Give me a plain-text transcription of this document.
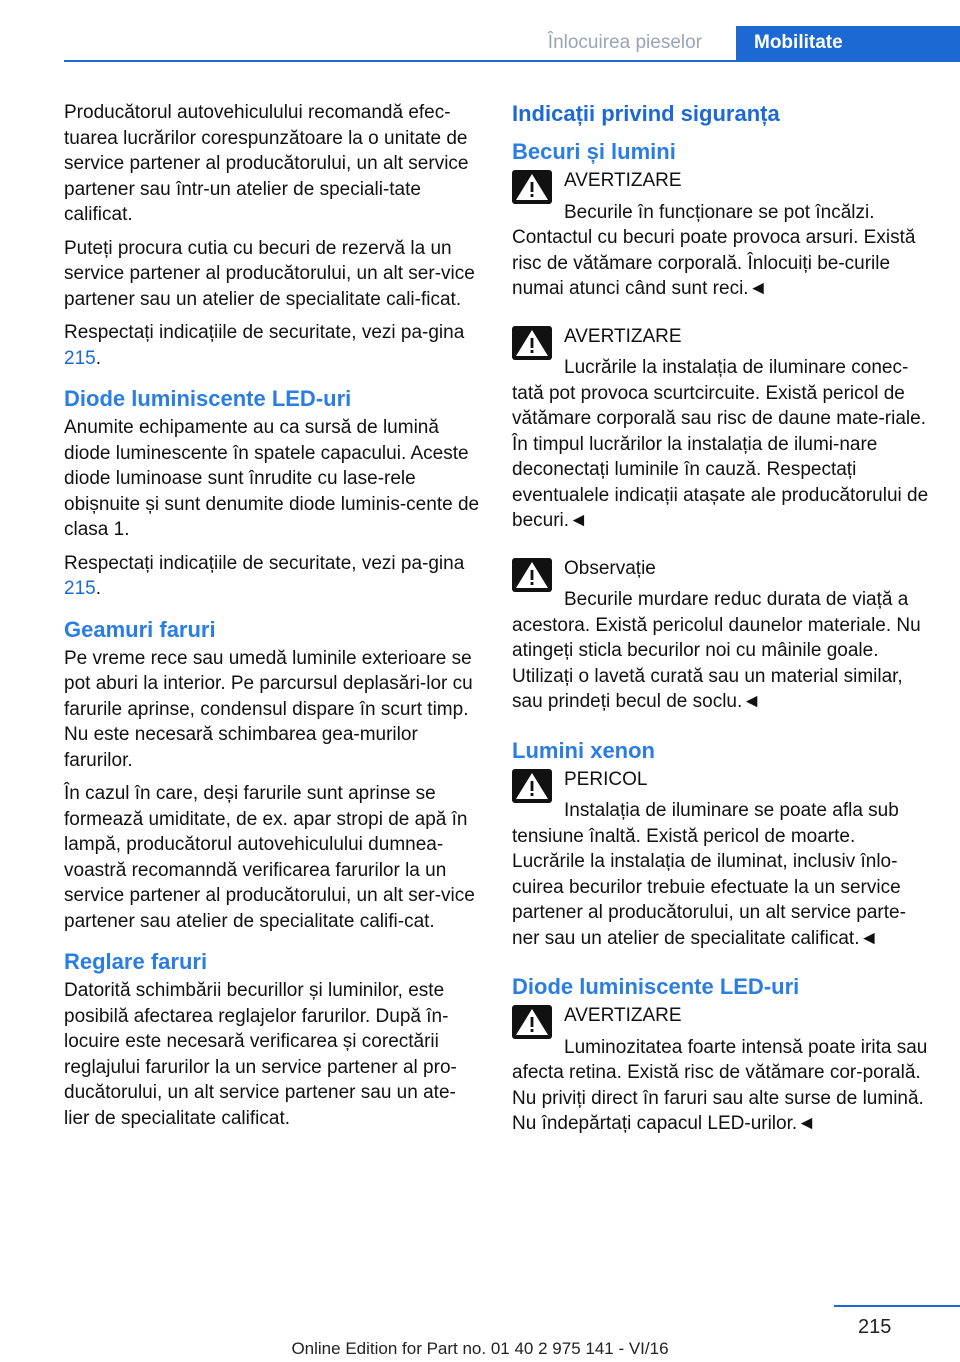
Înlocuirea pieselor	Mobilitate

Producătorul autovehiculului recomandă efec-tuarea lucrărilor corespunzătoare la o unitate de service partener al producătorului, un alt service partener sau într-un atelier de speciali-tate calificat.

Puteți procura cutia cu becuri de rezervă la un service partener al producătorului, un alt ser-vice partener sau un atelier de specialitate cali-ficat.

Respectați indicațiile de securitate, vezi pa-gina 215.

Diode luminiscente LED-uri

Anumite echipamente au ca sursă de lumină diode luminescente în spatele capacului. Aceste diode luminoase sunt înrudite cu lase-rele obișnuite și sunt denumite diode luminis-cente de clasa 1.

Respectați indicațiile de securitate, vezi pa-gina 215.

Geamuri faruri

Pe vreme rece sau umedă luminile exterioare se pot aburi la interior. Pe parcursul deplasări-lor cu farurile aprinse, condensul dispare în scurt timp. Nu este necesară schimbarea gea-murilor farurilor.

În cazul în care, deși farurile sunt aprinse se formează umiditate, de ex. apar stropi de apă în lampă, producătorul autovehiculului dumnea-voastră recomanndă verificarea farurilor la un service partener al producătorului, un alt ser-vice partener sau atelier de specialitate califi-cat.

Reglare faruri

Datorită schimbării becurillor și luminilor, este posibilă afectarea reglajelor farurilor. După în-locuire este necesară verificarea și corectării reglajului farurilor la un service partener al pro-ducătorului, un alt service partener sau un ate-lier de specialitate calificat.

Indicații privind siguranța
Becuri și lumini
AVERTIZARE

Becurile în funcționare se pot încălzi. Contactul cu becuri poate provoca arsuri. Există risc de vătămare corporală. Înlocuiți be-curile numai atunci când sunt reci.◄

AVERTIZARE

Lucrările la instalația de iluminare conec-tată pot provoca scurtcircuite. Există pericol de vătămare corporală sau risc de daune mate-riale. În timpul lucrărilor la instalația de ilumi-nare deconectați luminile în cauză. Respectați eventualele indicații atașate ale producătorului de becuri.◄

Observație

Becurile murdare reduc durata de viață a acestora. Există pericolul daunelor materiale. Nu atingeți sticla becurilor noi cu mâinile goale. Utilizați o lavetă curată sau un material similar, sau prindeți becul de soclu.◄

Lumini xenon
PERICOL

Instalația de iluminare se poate afla sub tensiune înaltă. Există pericol de moarte. Lucrările la instalația de iluminat, inclusiv înlo-cuirea becurilor trebuie efectuate la un service partener al producătorului, un alt service parte-ner sau un atelier de specialitate calificat.◄

Diode luminiscente LED-uri
AVERTIZARE

Luminozitatea foarte intensă poate irita sau afecta retina. Există risc de vătămare cor-porală. Nu priviți direct în faruri sau alte surse de lumină. Nu îndepărtați capacul LED-urilor.◄

215
Online Edition for Part no. 01 40 2 975 141 - VI/16
